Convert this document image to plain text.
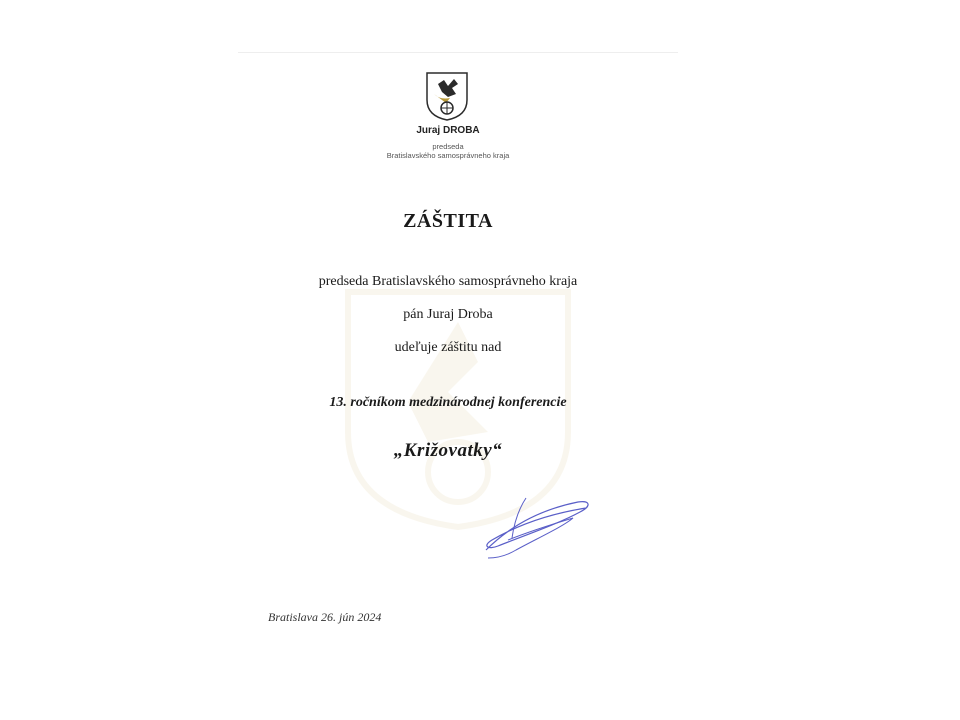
Juraj DROBA
predseda
Bratislavského samosprávneho kraja
ZÁŠTITA
predseda Bratislavského samosprávneho kraja
pán Juraj Droba
udeľuje záštitu nad
13. ročníkom medzinárodnej konferencie
„Križovatky“
Bratislava 26. jún 2024
